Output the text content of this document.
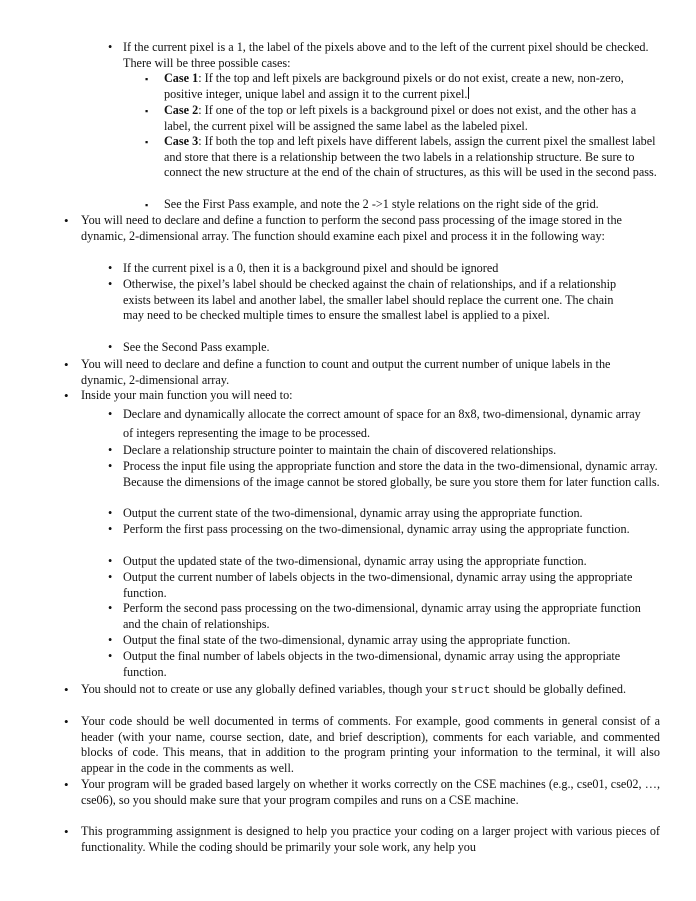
• If the current pixel is a 1, the label of the pixels above and to the left of the current pixel should be checked. There will be three possible cases:
▪ Case 1: If the top and left pixels are background pixels or do not exist, create a new, non-zero, positive integer, unique label and assign it to the current pixel.
▪ Case 2: If one of the top or left pixels is a background pixel or does not exist, and the other has a label, the current pixel will be assigned the same label as the labeled pixel.
▪ Case 3: If both the top and left pixels have different labels, assign the current pixel the smallest label and store that there is a relationship between the two labels in a relationship structure. Be sure to connect the new structure at the end of the chain of structures, as this will be used in the second pass.
▪ See the First Pass example, and note the 2 ->1 style relations on the right side of the grid.
• You will need to declare and define a function to perform the second pass processing of the image stored in the dynamic, 2-dimensional array. The function should examine each pixel and process it in the following way:
• If the current pixel is a 0, then it is a background pixel and should be ignored
• Otherwise, the pixel’s label should be checked against the chain of relationships, and if a relationship exists between its label and another label, the smaller label should replace the current one. The chain may need to be checked multiple times to ensure the smallest label is applied to a pixel.
• See the Second Pass example.
• You will need to declare and define a function to count and output the current number of unique labels in the dynamic, 2-dimensional array.
• Inside your main function you will need to:
• Declare and dynamically allocate the correct amount of space for an 8x8, two-dimensional, dynamic array of integers representing the image to be processed.
• Declare a relationship structure pointer to maintain the chain of discovered relationships.
• Process the input file using the appropriate function and store the data in the two-dimensional, dynamic array. Because the dimensions of the image cannot be stored globally, be sure you store them for later function calls.
• Output the current state of the two-dimensional, dynamic array using the appropriate function.
• Perform the first pass processing on the two-dimensional, dynamic array using the appropriate function.
• Output the updated state of the two-dimensional, dynamic array using the appropriate function.
• Output the current number of labels objects in the two-dimensional, dynamic array using the appropriate function.
• Perform the second pass processing on the two-dimensional, dynamic array using the appropriate function and the chain of relationships.
• Output the final state of the two-dimensional, dynamic array using the appropriate function.
• Output the final number of labels objects in the two-dimensional, dynamic array using the appropriate function.
• You should not to create or use any globally defined variables, though your struct should be globally defined.
• Your code should be well documented in terms of comments. For example, good comments in general consist of a header (with your name, course section, date, and brief description), comments for each variable, and commented blocks of code. This means, that in addition to the program printing your information to the terminal, it will also appear in the code in the comments as well.
• Your program will be graded based largely on whether it works correctly on the CSE machines (e.g., cse01, cse02, …, cse06), so you should make sure that your program compiles and runs on a CSE machine.
• This programming assignment is designed to help you practice your coding on a larger project with various pieces of functionality. While the coding should be primarily your sole work, any help you
